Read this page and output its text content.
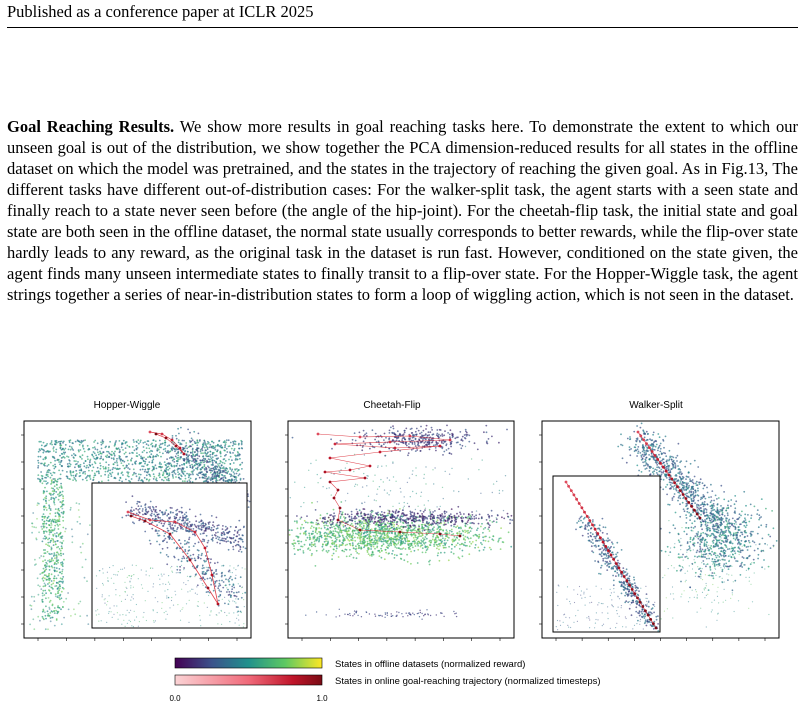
Published as a conference paper at ICLR 2025

Goal Reaching Results. We show more results in goal reaching tasks here. To demonstrate the extent to which our unseen goal is out of the distribution, we show together the PCA dimension-reduced results for all states in the offline dataset on which the model was pretrained, and the states in the trajectory of reaching the given goal. As in Fig.13, The different tasks have different out-of-distribution cases: For the walker-split task, the agent starts with a seen state and finally reach to a state never seen before (the angle of the hip-joint). For the cheetah-flip task, the initial state and goal state are both seen in the offline dataset, the normal state usually corresponds to better rewards, while the flip-over state hardly leads to any reward, as the original task in the dataset is run fast. However, conditioned on the state given, the agent finds many unseen intermediate states to finally transit to a flip-over state. For the Hopper-Wiggle task, the agent strings together a series of near-in-distribution states to form a loop of wiggling action, which is not seen in the dataset.

Hopper-Wiggle	Cheetah-Flip	Walker-Split
States in offline datasets (normalized reward)
States in online goal-reaching trajectory (normalized timesteps)
0.0	1.0
